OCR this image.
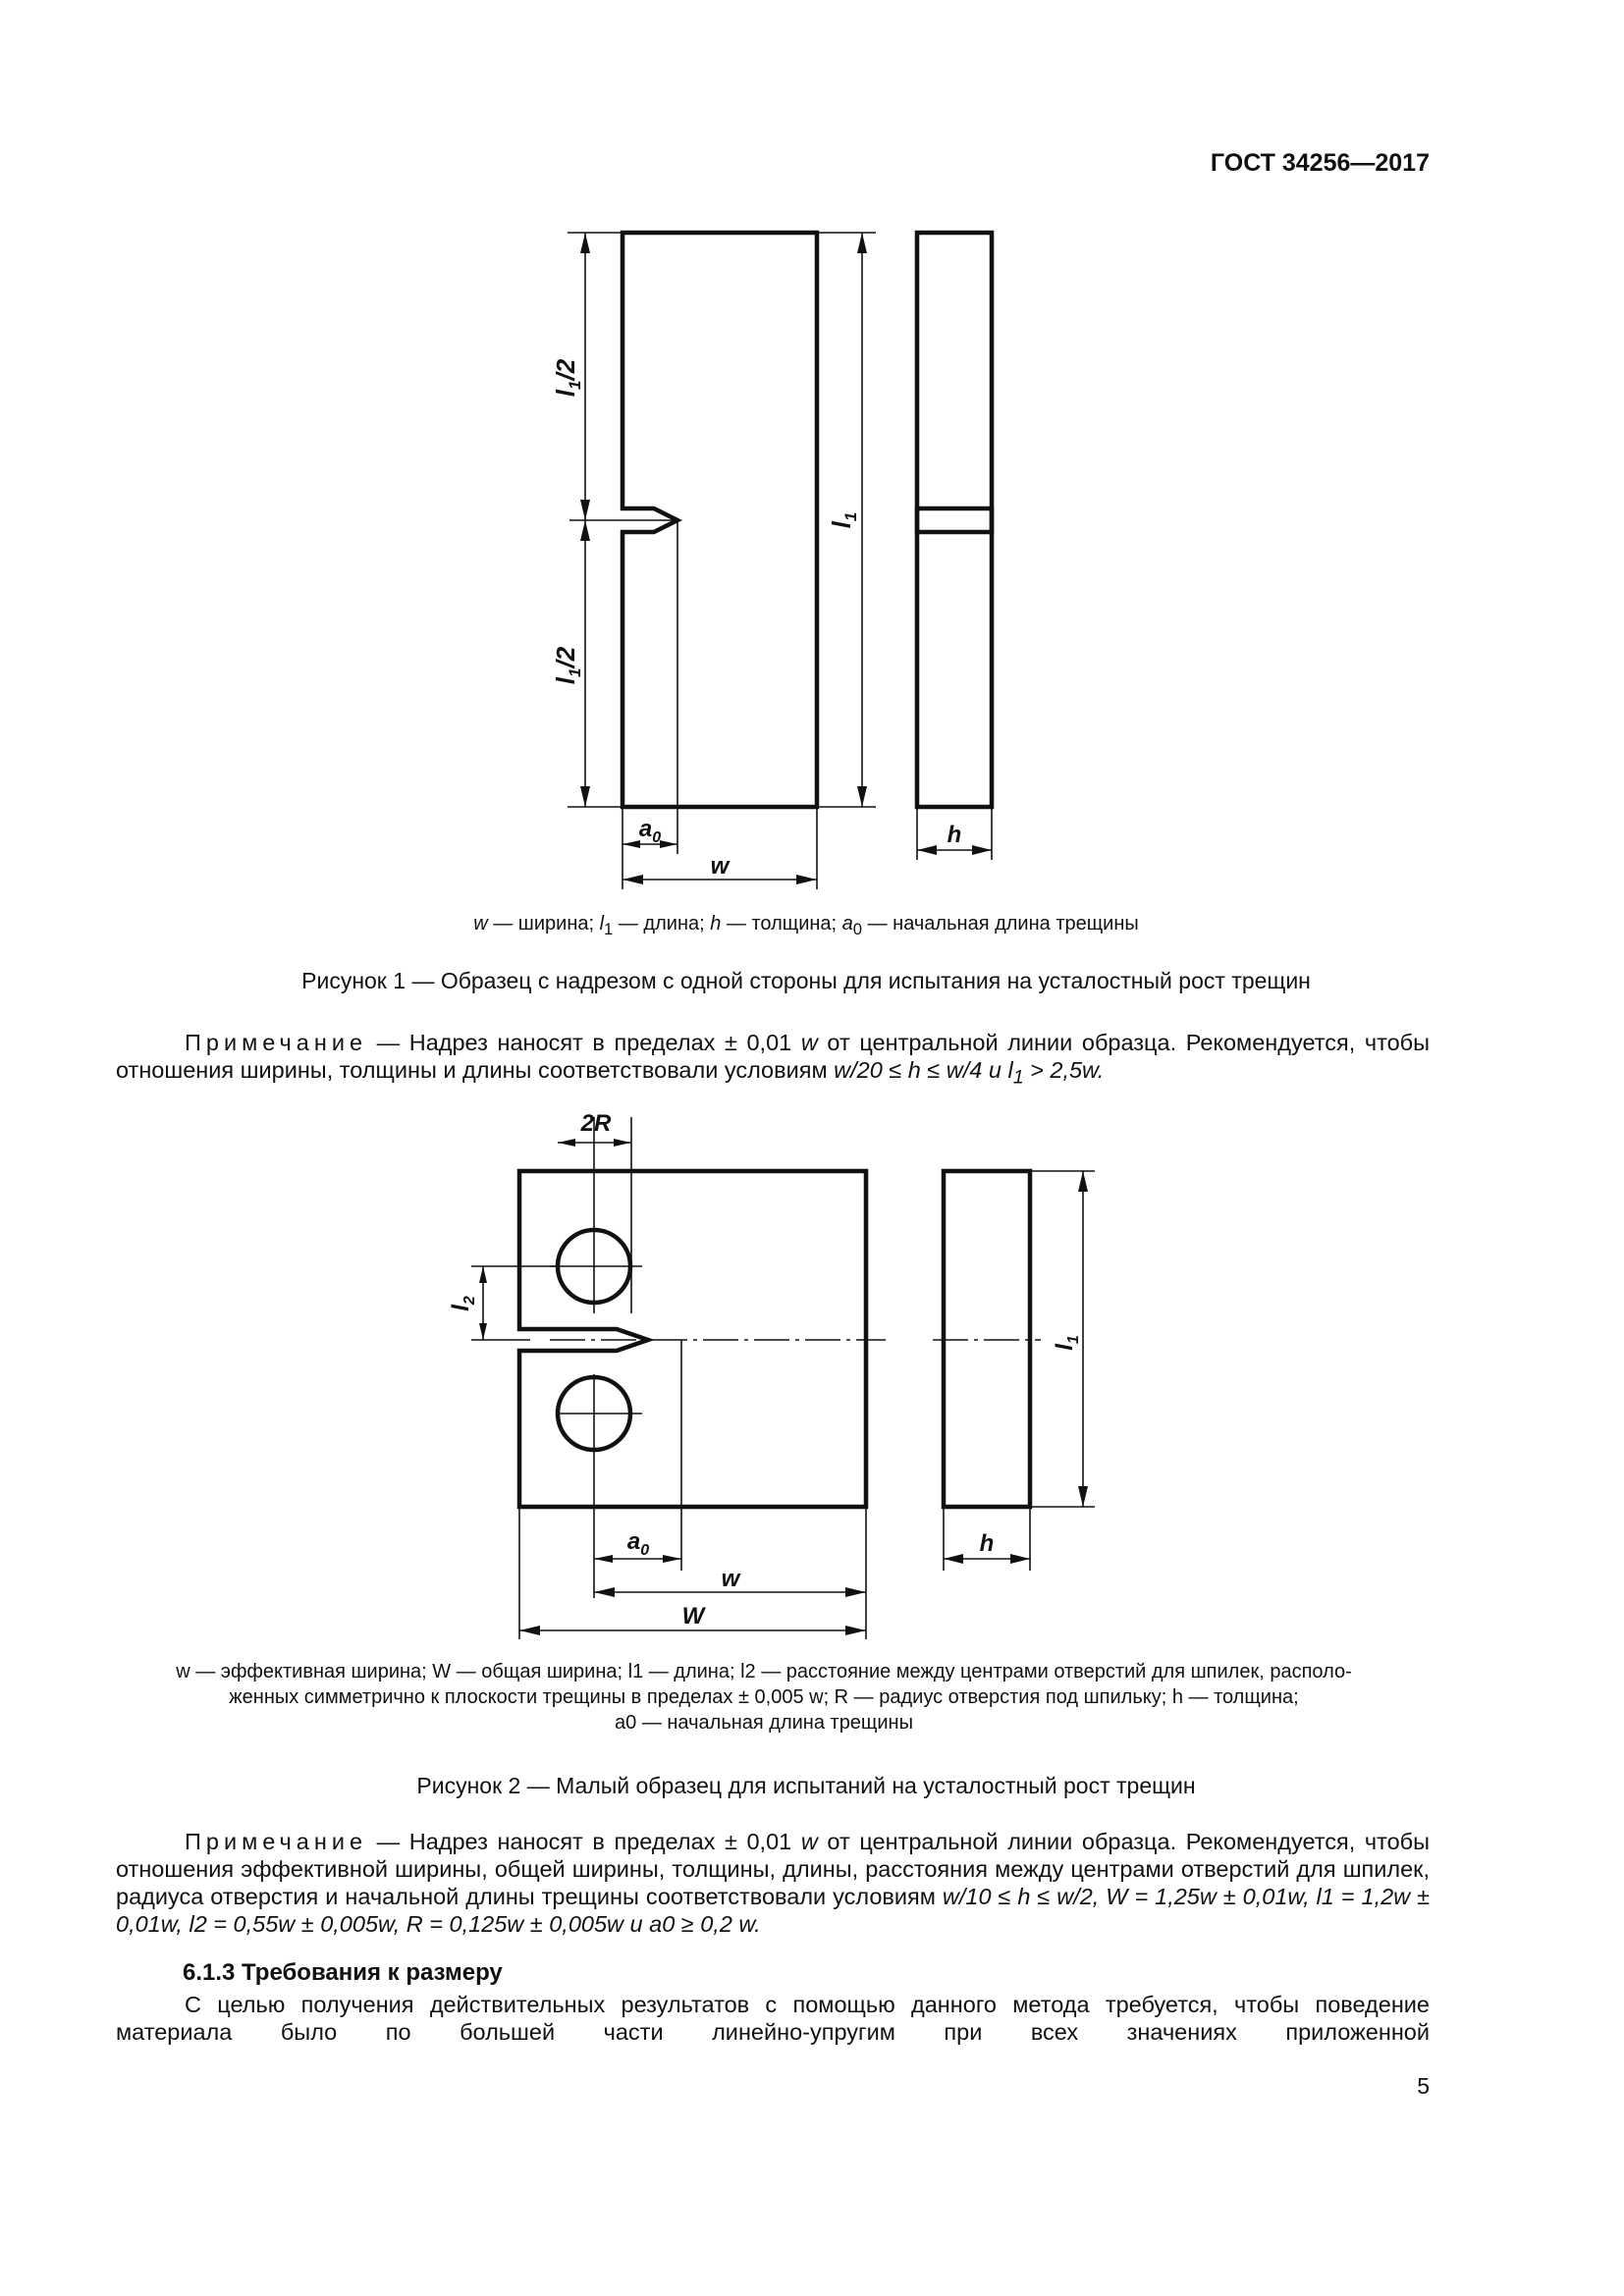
ГОСТ 34256—2017
$l_1/2$
$l_1/2$
$l_1$
$a_0$
w
h
w — ширина; $l_1$ — длина; h — толщина; $a_0$ — начальная длина трещины
Рисунок 1 — Образец с надрезом с одной стороны для испытания на усталостный рост трещин

Примечание — Надрез наносят в пределах ± 0,01 w от центральной линии образца. Рекомендуется, чтобы отношения ширины, толщины и длины соответствовали условиям w/20 ≤ h ≤ w/4 и $l_1 > 2,5w$.

2R
$l_2$
$l_1$
$a_0$
w
W
h
w — эффективная ширина; W — общая ширина; l1 — длина; l2 — расстояние между центрами отверстий для шпилек, располо-
женных симметрично к плоскости трещины в пределах ± 0,005 w; R — радиус отверстия под шпильку; h — толщина;
a0 — начальная длина трещины
Рисунок 2 — Малый образец для испытаний на усталостный рост трещин

Примечание — Надрез наносят в пределах ± 0,01 w от центральной линии образца. Рекомендуется, чтобы отношения эффективной ширины, общей ширины, толщины, длины, расстояния между центрами отверстий для шпилек, радиуса отверстия и начальной длины трещины соответствовали условиям w/10 ≤ h ≤ w/2, W = 1,25w ± 0,01w, l1 = 1,2w ± 0,01w, l2 = 0,55w ± 0,005w, R = 0,125w ± 0,005w и a0 ≥ 0,2 w.

6.1.3 Требования к размеру

С целью получения действительных результатов с помощью данного метода требуется, чтобы поведение материала было по большей части линейно-упругим при всех значениях приложенной

5
